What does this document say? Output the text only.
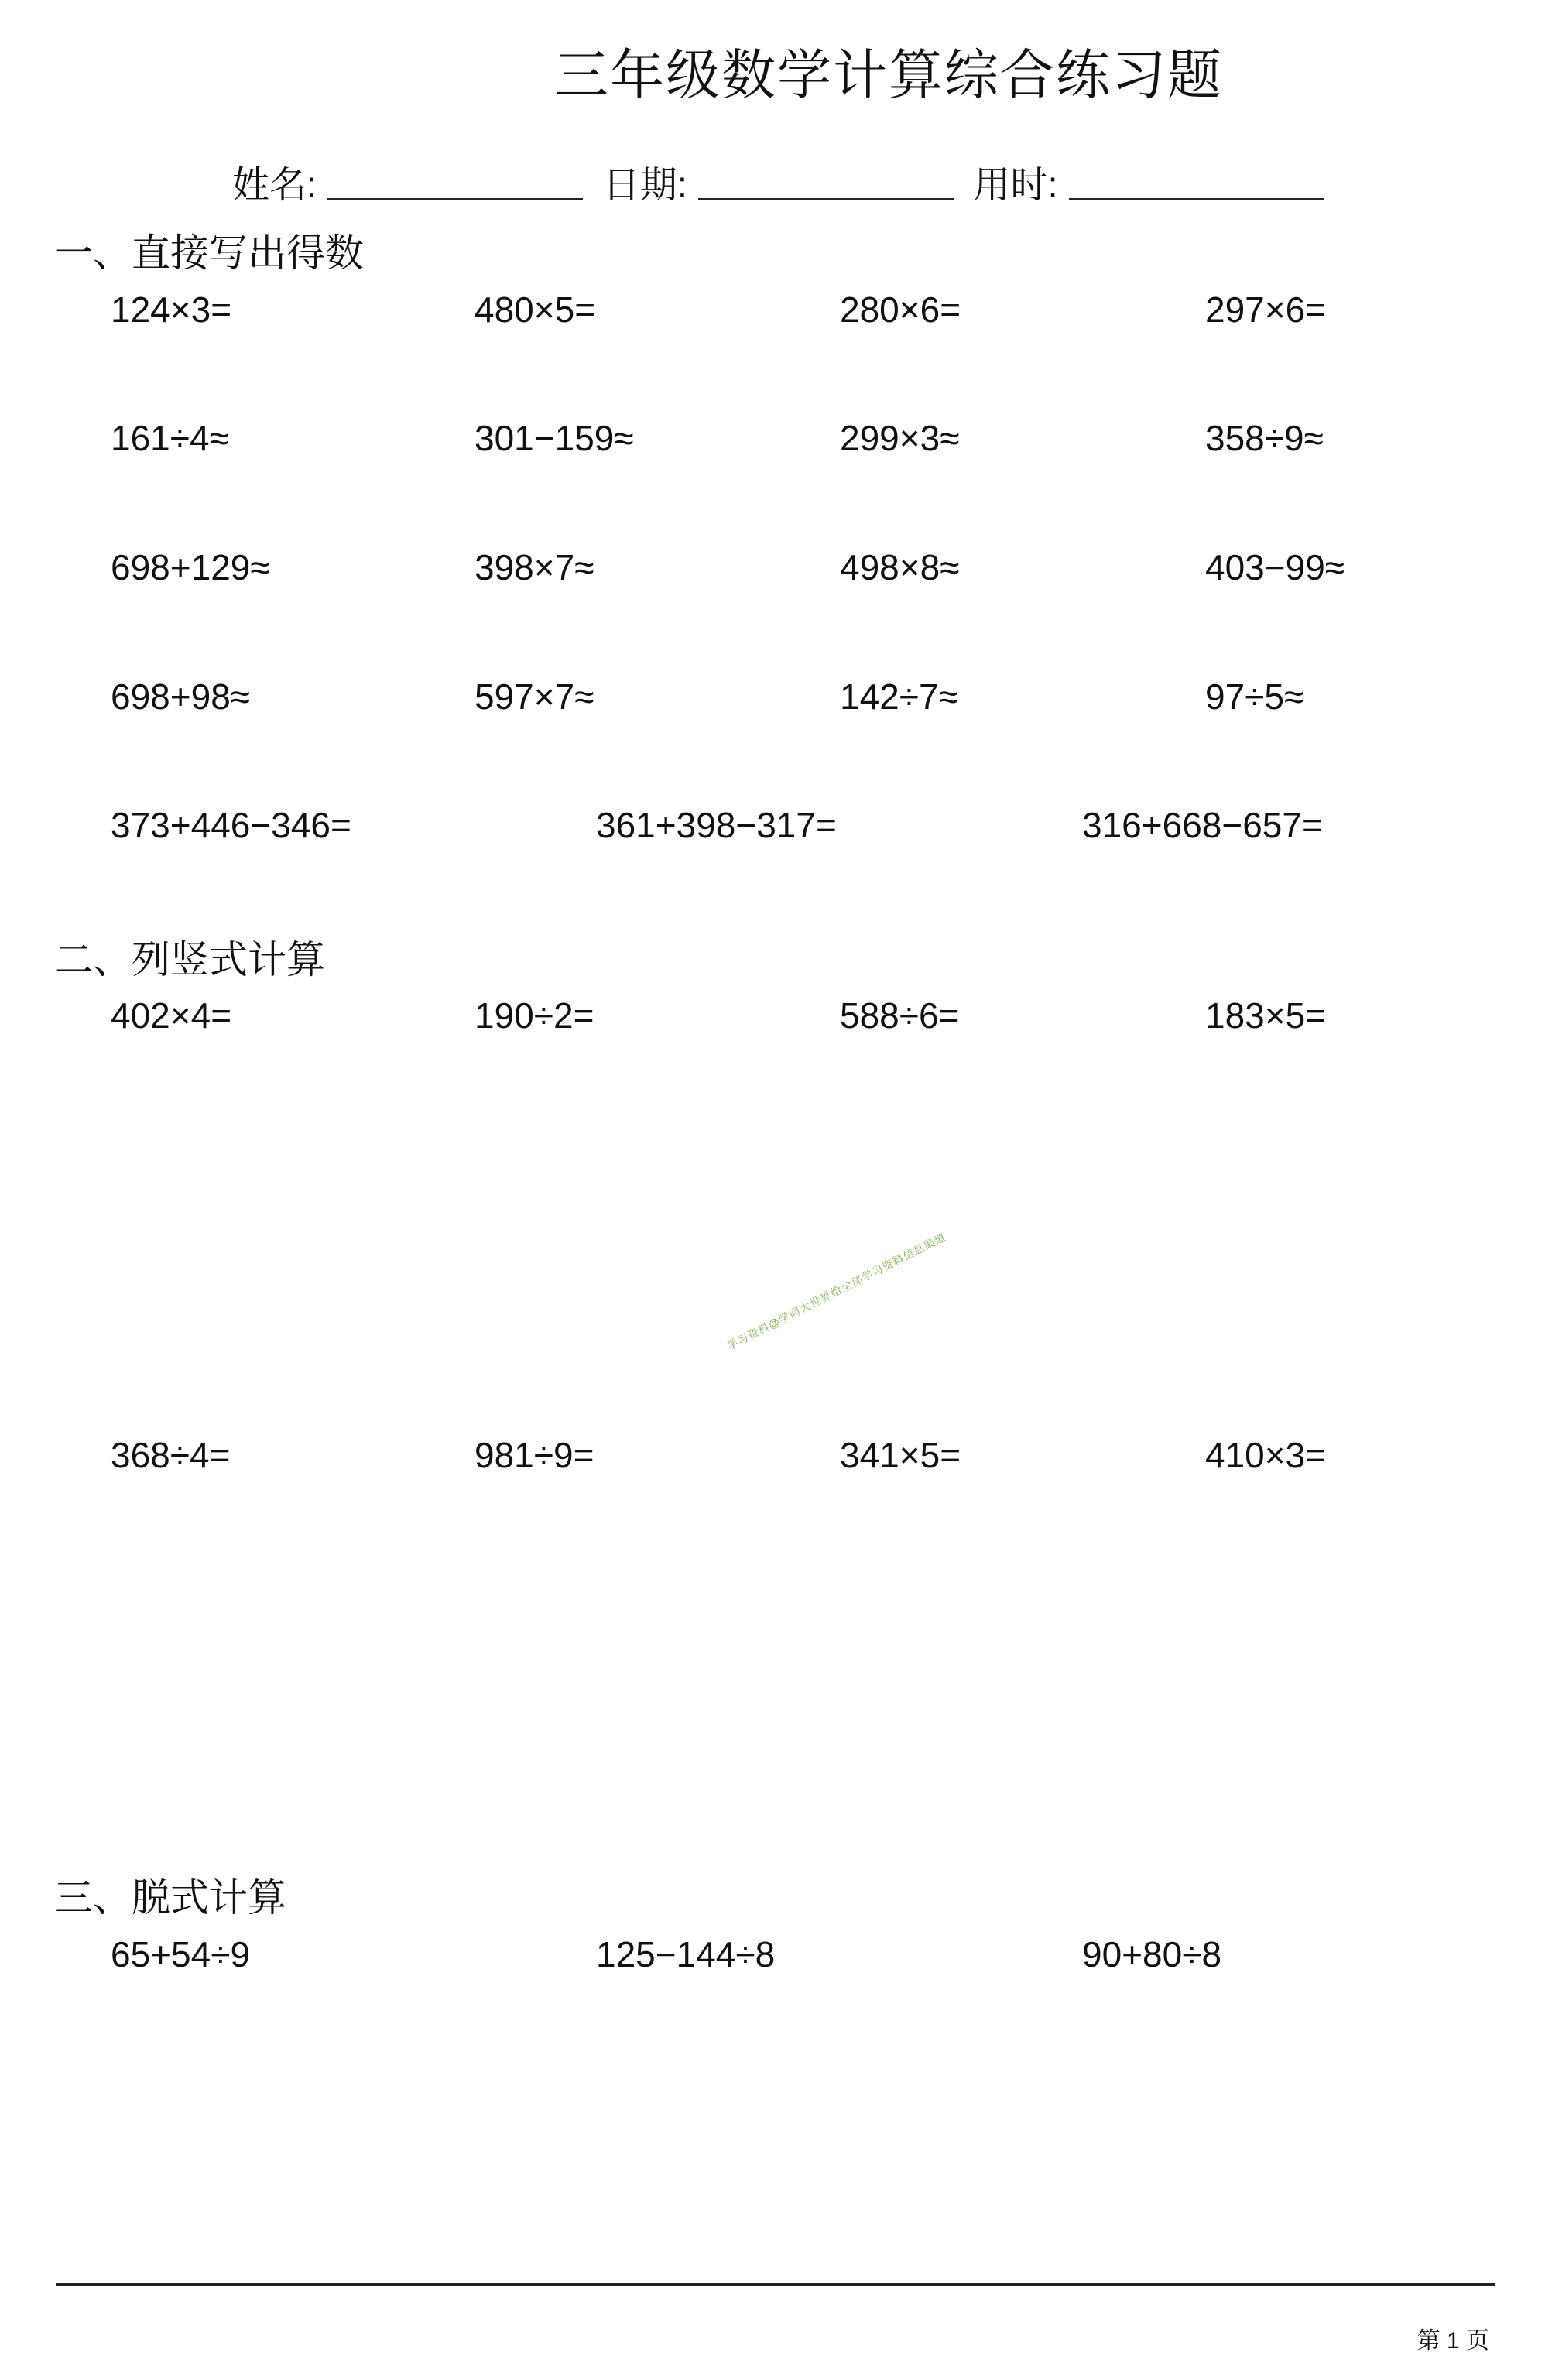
三年级数学计算综合练习题
姓名:	日期:	用时:
一、直接写出得数
124×3=	480×5=	280×6=	297×6=
161÷4≈	301−159≈	299×3≈	358÷9≈
698+129≈	398×7≈	498×8≈	403−99≈
698+98≈	597×7≈	142÷7≈	97÷5≈
373+446−346=	361+398−317=	316+668−657=
二、列竖式计算
402×4=	190÷2=	588÷6=	183×5=
368÷4=	981÷9=	341×5=	410×3=
学习资料@学问大世界给全部学习资料信息渠道
三、脱式计算
65+54÷9	125−144÷8	90+80÷8
第 1 页
